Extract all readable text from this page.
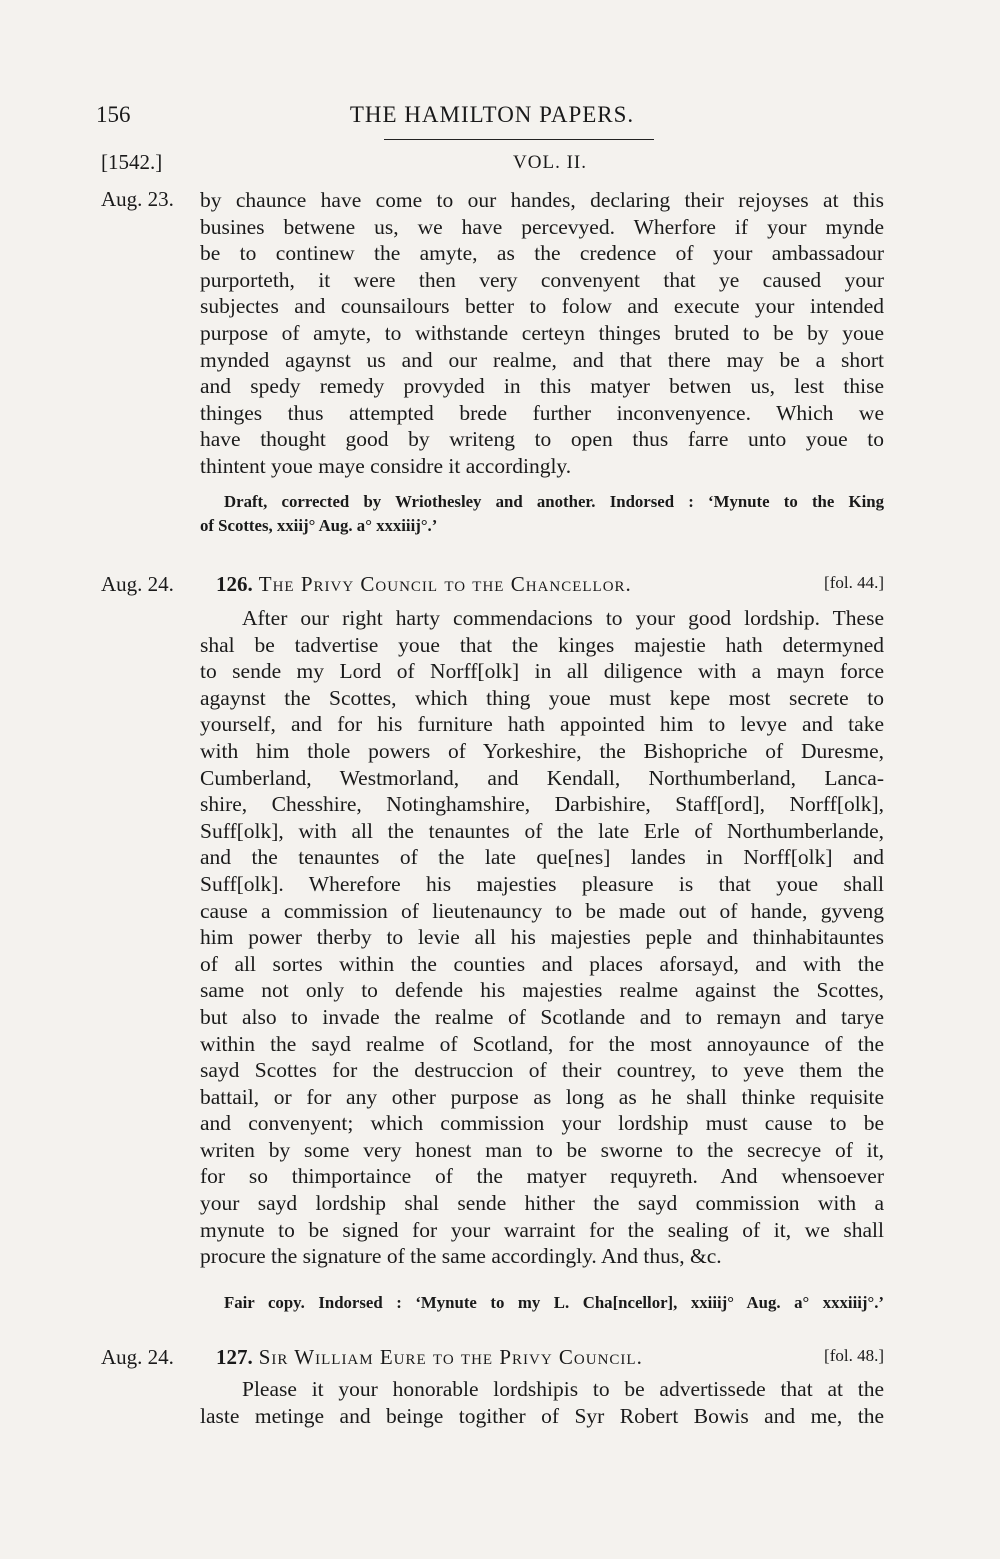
156	THE HAMILTON PAPERS.
[1542.]	VOL. II.
Aug. 23. by chaunce have come to our handes, declaring their rejoyses at this
busines betwene us, we have percevyed. Wherfore if your mynde
be to continew the amyte, as the credence of your ambassadour
purporteth, it were then very convenyent that ye caused your
subjectes and counsailours better to folow and execute your intended
purpose of amyte, to withstande certeyn thinges bruted to be by youe
mynded agaynst us and our realme, and that there may be a short
and spedy remedy provyded in this matyer betwen us, lest thise
thinges thus attempted brede further inconvenyence. Which we
have thought good by writeng to open thus farre unto youe to
thintent youe maye considre it accordingly.
Draft, corrected by Wriothesley and another. Indorsed : ‘Mynute to the King
of Scottes, xxiij° Aug. a° xxxiiij°.’
Aug. 24. 126. The Privy Council to the Chancellor.	[fol. 44.]
After our right harty commendacions to your good lordship. These
shal be tadvertise youe that the kinges majestie hath determyned
to sende my Lord of Norff[olk] in all diligence with a mayn force
agaynst the Scottes, which thing youe must kepe most secrete to
yourself, and for his furniture hath appointed him to levye and take
with him thole powers of Yorkeshire, the Bishopriche of Duresme,
Cumberland, Westmorland, and Kendall, Northumberland, Lanca-
shire, Chesshire, Notinghamshire, Darbishire, Staff[ord], Norff[olk],
Suff[olk], with all the tenauntes of the late Erle of Northumberlande,
and the tenauntes of the late que[nes] landes in Norff[olk] and
Suff[olk]. Wherefore his majesties pleasure is that youe shall
cause a commission of lieutenauncy to be made out of hande, gyveng
him power therby to levie all his majesties peple and thinhabitauntes
of all sortes within the counties and places aforsayd, and with the
same not only to defende his majesties realme against the Scottes,
but also to invade the realme of Scotlande and to remayn and tarye
within the sayd realme of Scotland, for the most annoyaunce of the
sayd Scottes for the destruccion of their countrey, to yeve them the
battail, or for any other purpose as long as he shall thinke requisite
and convenyent; which commission your lordship must cause to be
writen by some very honest man to be sworne to the secrecye of it,
for so thimportaince of the matyer requyreth. And whensoever
your sayd lordship shal sende hither the sayd commission with a
mynute to be signed for your warraint for the sealing of it, we shall
procure the signature of the same accordingly. And thus, &c.
Fair copy. Indorsed : ‘Mynute to my L. Cha[ncellor], xxiiij° Aug. a° xxxiiij°.’
Aug. 24. 127. Sir William Eure to the Privy Council.	[fol. 48.]
Please it your honorable lordshipis to be advertissede that at the
laste metinge and beinge togither of Syr Robert Bowis and me, the
